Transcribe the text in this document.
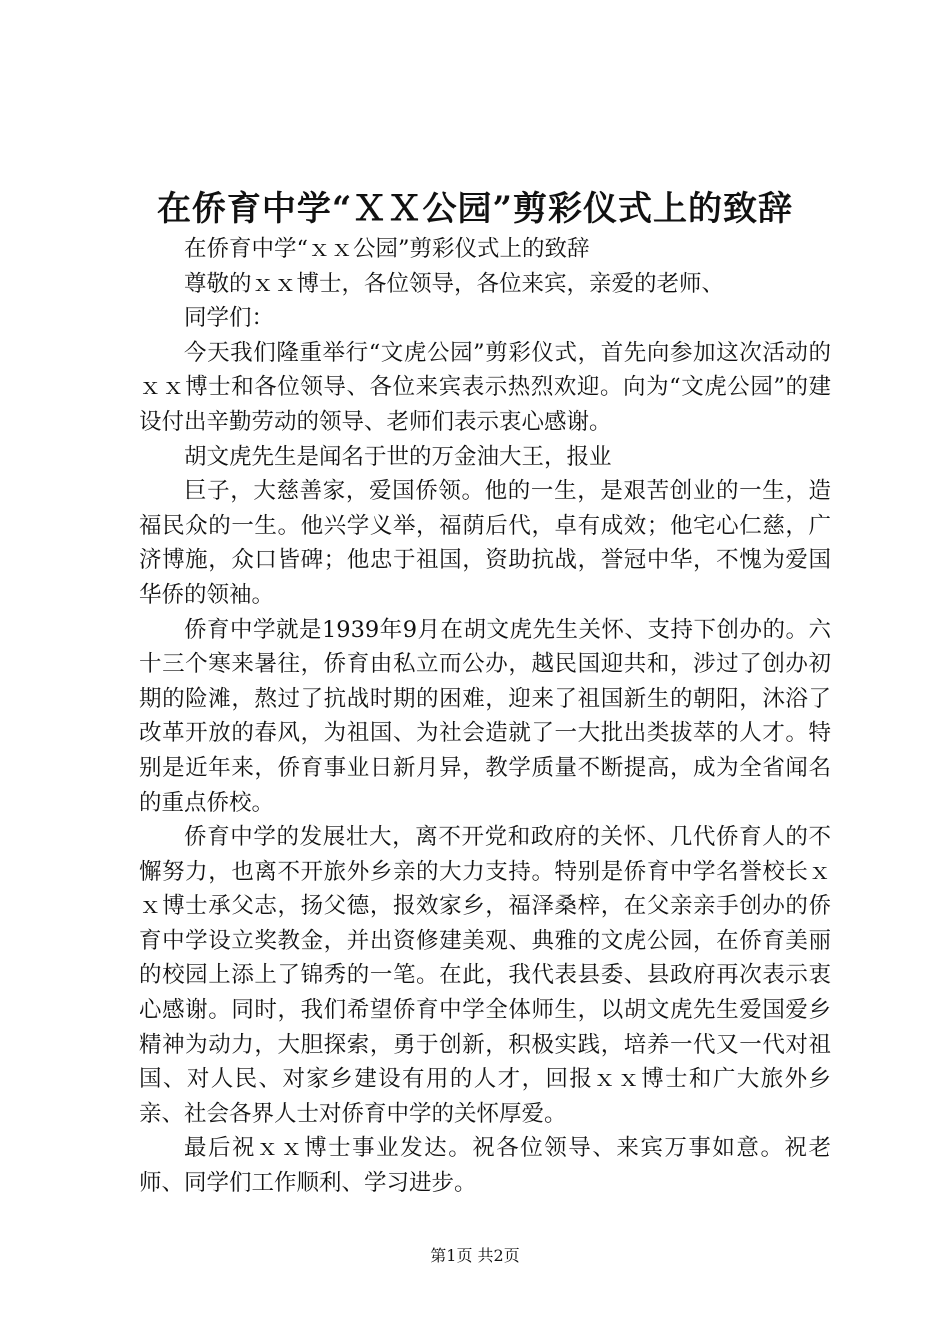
在侨育中学“ＸＸ公园”剪彩仪式上的致辞

在侨育中学“ｘｘ公园”剪彩仪式上的致辞

尊敬的ｘｘ博士，各位领导，各位来宾，亲爱的老师、

同学们：

今天我们隆重举行“文虎公园”剪彩仪式，首先向参加这次活动的ｘｘ博士和各位领导、各位来宾表示热烈欢迎。向为“文虎公园”的建设付出辛勤劳动的领导、老师们表示衷心感谢。

胡文虎先生是闻名于世的万金油大王，报业

巨子，大慈善家，爱国侨领。他的一生，是艰苦创业的一生，造福民众的一生。他兴学义举，福荫后代，卓有成效；他宅心仁慈，广济博施，众口皆碑；他忠于祖国，资助抗战，誉冠中华，不愧为爱国华侨的领袖。

侨育中学就是1939年9月在胡文虎先生关怀、支持下创办的。六十三个寒来暑往，侨育由私立而公办，越民国迎共和，涉过了创办初期的险滩，熬过了抗战时期的困难，迎来了祖国新生的朝阳，沐浴了改革开放的春风，为祖国、为社会造就了一大批出类拔萃的人才。特别是近年来，侨育事业日新月异，教学质量不断提高，成为全省闻名的重点侨校。

侨育中学的发展壮大，离不开党和政府的关怀、几代侨育人的不懈努力，也离不开旅外乡亲的大力支持。特别是侨育中学名誉校长ｘｘ博士承父志，扬父德，报效家乡，福泽桑梓，在父亲亲手创办的侨育中学设立奖教金，并出资修建美观、典雅的文虎公园，在侨育美丽的校园上添上了锦秀的一笔。在此，我代表县委、县政府再次表示衷心感谢。同时，我们希望侨育中学全体师生，以胡文虎先生爱国爱乡精神为动力，大胆探索，勇于创新，积极实践，培养一代又一代对祖国、对人民、对家乡建设有用的人才，回报ｘｘ博士和广大旅外乡亲、社会各界人士对侨育中学的关怀厚爱。

最后祝ｘｘ博士事业发达。祝各位领导、来宾万事如意。祝老师、同学们工作顺利、学习进步。

第1页 共2页
